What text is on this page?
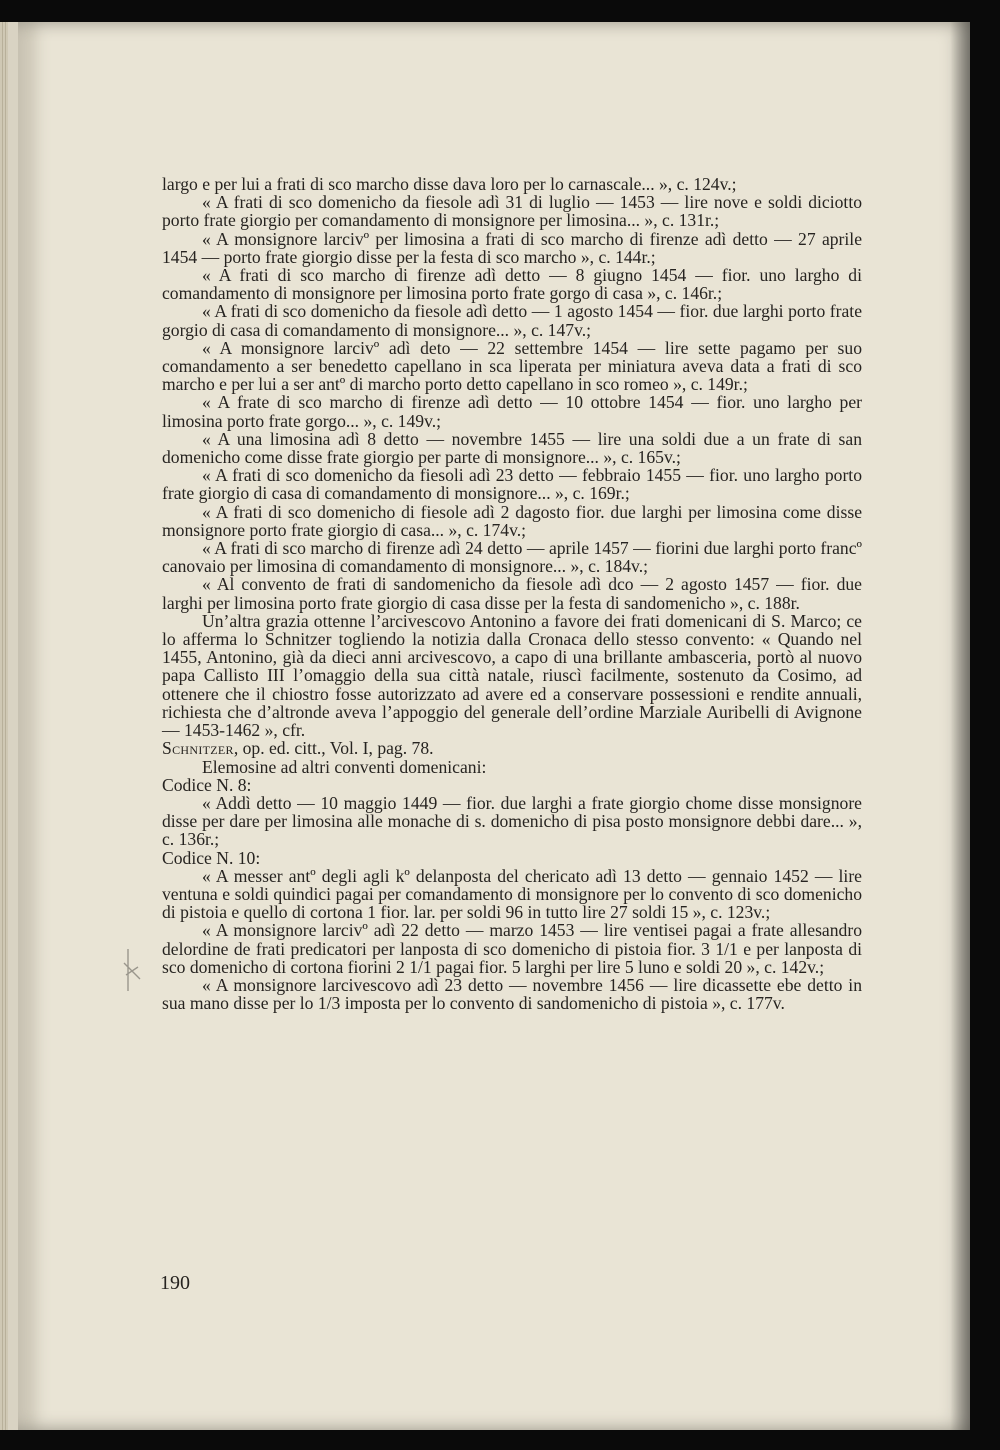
largo e per lui a frati di sco marcho disse dava loro per lo carnascale... », c. 124v.;

« A frati di sco domenicho da fiesole adì 31 di luglio — 1453 — lire nove e soldi diciotto porto frate giorgio per comandamento di monsignore per limosina... », c. 131r.;

« A monsignore larcivº per limosina a frati di sco marcho di firenze adì detto — 27 aprile 1454 — porto frate giorgio disse per la festa di sco marcho », c. 144r.;

« A frati di sco marcho di firenze adì detto — 8 giugno 1454 — fior. uno largho di comandamento di monsignore per limosina porto frate gorgo di casa », c. 146r.;

« A frati di sco domenicho da fiesole adì detto — 1 agosto 1454 — fior. due larghi porto frate gorgio di casa di comandamento di monsignore... », c. 147v.;

« A monsignore larcivº adì deto — 22 settembre 1454 — lire sette pagamo per suo comandamento a ser benedetto capellano in sca liperata per miniatura aveva data a frati di sco marcho e per lui a ser antº di marcho porto detto capellano in sco romeo », c. 149r.;

« A frate di sco marcho di firenze adì detto — 10 ottobre 1454 — fior. uno largho per limosina porto frate gorgo... », c. 149v.;

« A una limosina adì 8 detto — novembre 1455 — lire una soldi due a un frate di san domenicho come disse frate giorgio per parte di monsignore... », c. 165v.;

« A frati di sco domenicho da fiesoli adì 23 detto — febbraio 1455 — fior. uno largho porto frate giorgio di casa di comandamento di monsignore... », c. 169r.;

« A frati di sco domenicho di fiesole adì 2 dagosto fior. due larghi per limosina come disse monsignore porto frate giorgio di casa... », c. 174v.;

« A frati di sco marcho di firenze adì 24 detto — aprile 1457 — fiorini due larghi porto francº canovaio per limosina di comandamento di monsignore... », c. 184v.;

« Al convento de frati di sandomenicho da fiesole adì dco — 2 agosto 1457 — fior. due larghi per limosina porto frate giorgio di casa disse per la festa di sandomenicho », c. 188r.

Un’altra grazia ottenne l’arcivescovo Antonino a favore dei frati domenicani di S. Marco; ce lo afferma lo Schnitzer togliendo la notizia dalla Cronaca dello stesso convento: « Quando nel 1455, Antonino, già da dieci anni arcivescovo, a capo di una brillante ambasceria, portò al nuovo papa Callisto III l’omaggio della sua città natale, riuscì facilmente, sostenuto da Cosimo, ad ottenere che il chiostro fosse autorizzato ad avere ed a conservare possessioni e rendite annuali, richiesta che d’altronde aveva l’appoggio del generale dell’ordine Marziale Auribelli di Avignone — 1453-1462 », cfr.

Schnitzer, op. ed. citt., Vol. I, pag. 78.

Elemosine ad altri conventi domenicani:

Codice N. 8:

« Addì detto — 10 maggio 1449 — fior. due larghi a frate giorgio chome disse monsignore disse per dare per limosina alle monache di s. domenicho di pisa posto monsignore debbi dare... », c. 136r.;

Codice N. 10:

« A messer antº degli agli kº delanposta del chericato adì 13 detto — gennaio 1452 — lire ventuna e soldi quindici pagai per comandamento di monsignore per lo convento di sco domenicho di pistoia e quello di cortona 1 fior. lar. per soldi 96 in tutto lire 27 soldi 15 », c. 123v.;

« A monsignore larcivº adì 22 detto — marzo 1453 — lire ventisei pagai a frate allesandro delordine de frati predicatori per lanposta di sco domenicho di pistoia fior. 3 1/1 e per lanposta di sco domenicho di cortona fiorini 2 1/1 pagai fior. 5 larghi per lire 5 luno e soldi 20 », c. 142v.;

« A monsignore larcivescovo adì 23 detto — novembre 1456 — lire dicassette ebe detto in sua mano disse per lo 1/3 imposta per lo convento di sandomenicho di pistoia », c. 177v.

190
